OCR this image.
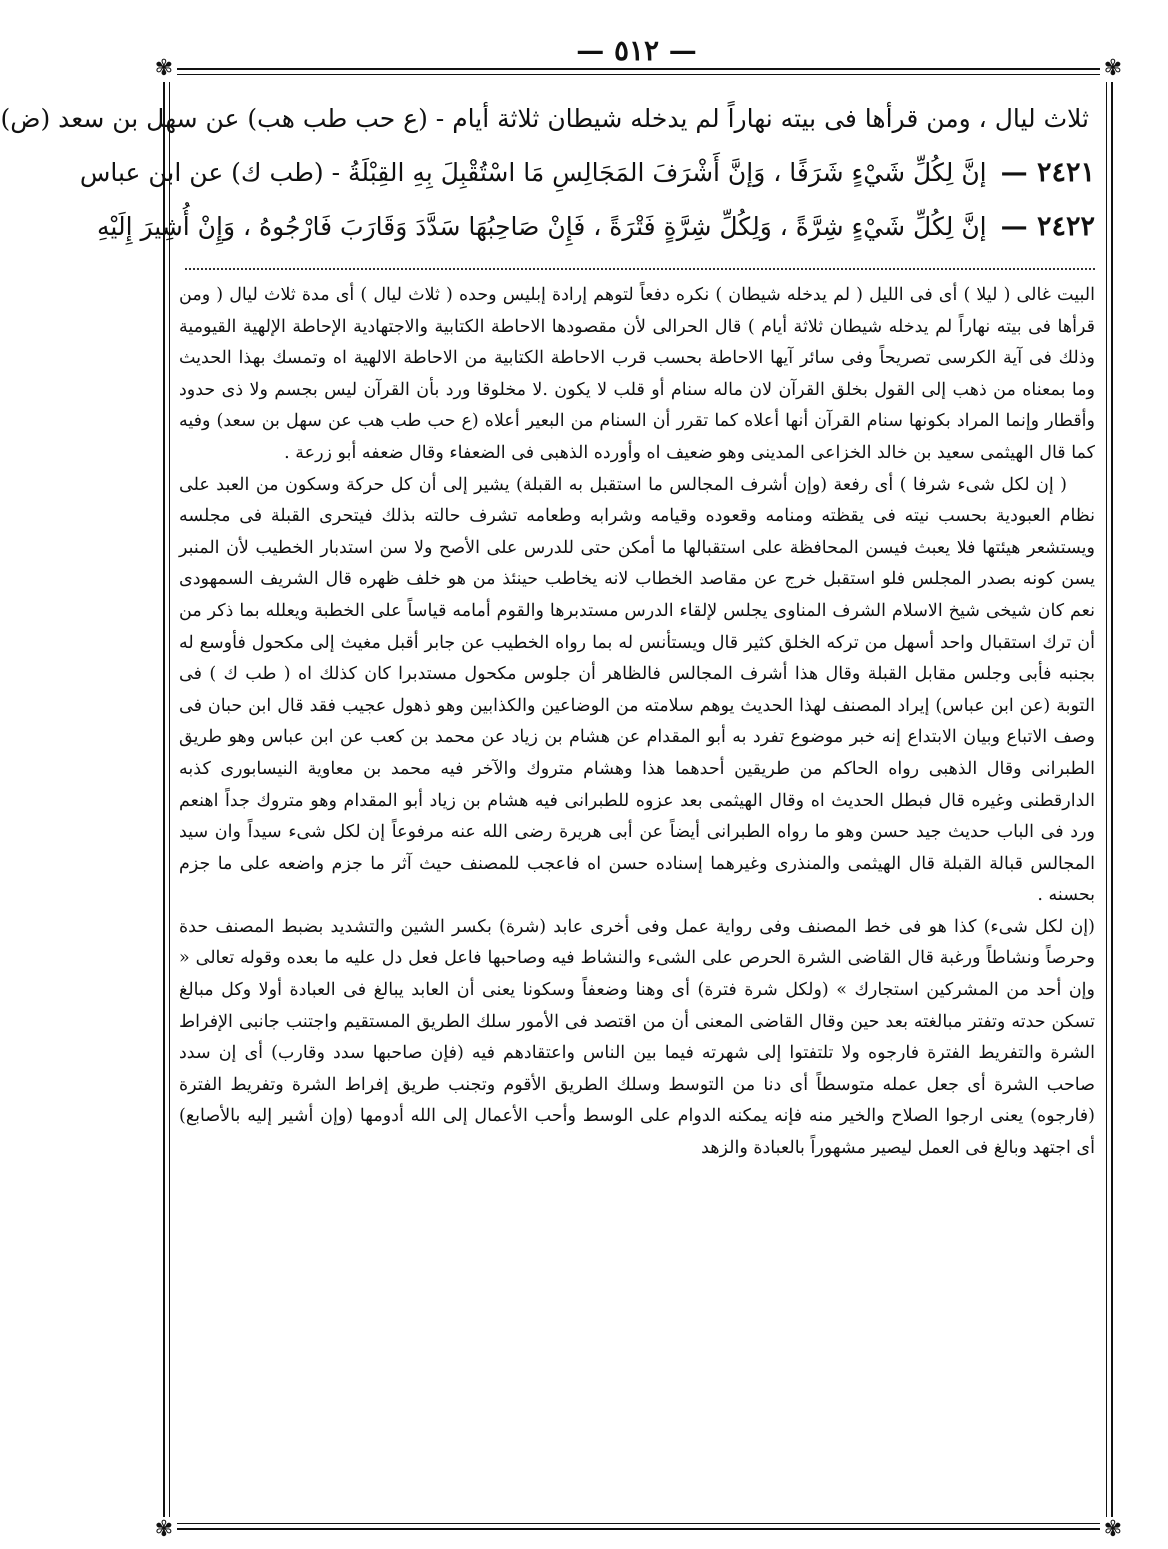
— ٥١٢ —
✾	✾
✾	✾
ثلاث ليال ، ومن قرأها فى بيته نهاراً لم يدخله شيطان ثلاثة أيام - (ع حب طب هب) عن سهل بن سعد (ض)
٢٤٢١ — إنَّ لِكُلِّ شَيْءٍ شَرَفًا ، وَإنَّ أَشْرَفَ المَجَالِسِ مَا اسْتُقْبِلَ بِهِ القِبْلَةُ - (طب ك) عن ابن عباس
٢٤٢٢ — إنَّ لِكُلِّ شَيْءٍ شِرَّةً ، وَلِكُلِّ شِرَّةٍ فَتْرَةً ، فَإِنْ صَاحِبُهَا سَدَّدَ وَقَارَبَ فَارْجُوهُ ، وَإِنْ أُشِيرَ إِلَيْهِ

البيت غالى ( ليلا ) أى فى الليل ( لم يدخله شيطان ) نكره دفعاً لتوهم إرادة إبليس وحده ( ثلاث ليال ) أى مدة ثلاث ليال ( ومن قرأها فى بيته نهاراً لم يدخله شيطان ثلاثة أيام ) قال الحرالى لأن مقصودها الاحاطة الكتابية والاجتهادية الإحاطة الإلهية القيومية وذلك فى آية الكرسى تصريحاً وفى سائر آيها الاحاطة بحسب قرب الاحاطة الكتابية من الاحاطة الالهية اه وتمسك بهذا الحديث وما بمعناه من ذهب إلى القول بخلق القرآن لان ماله سنام أو قلب لا يكون .لا مخلوقا ورد بأن القرآن ليس بجسم ولا ذى حدود وأقطار وإنما المراد بكونها سنام القرآن أنها أعلاه كما تقرر أن السنام من البعير أعلاه (ع حب طب هب عن سهل بن سعد) وفيه كما قال الهيثمى سعيد بن خالد الخزاعى المدينى وهو ضعيف اه وأورده الذهبى فى الضعفاء وقال ضعفه أبو زرعة .

( إن لكل شىء شرفا ) أى رفعة (وإن أشرف المجالس ما استقبل به القبلة) يشير إلى أن كل حركة وسكون من العبد على نظام العبودية بحسب نيته فى يقظته ومنامه وقعوده وقيامه وشرابه وطعامه تشرف حالته بذلك فيتحرى القبلة فى مجلسه ويستشعر هيئتها فلا يعبث فيسن المحافظة على استقبالها ما أمكن حتى للدرس على الأصح ولا سن استدبار الخطيب لأن المنبر يسن كونه بصدر المجلس فلو استقبل خرج عن مقاصد الخطاب لانه يخاطب حينئذ من هو خلف ظهره قال الشريف السمهودى نعم كان شيخى شيخ الاسلام الشرف المناوى يجلس لإلقاء الدرس مستدبرها والقوم أمامه قياساً على الخطبة ويعلله بما ذكر من أن ترك استقبال واحد أسهل من تركه الخلق كثير قال ويستأنس له بما رواه الخطيب عن جابر أقبل مغيث إلى مكحول فأوسع له بجنبه فأبى وجلس مقابل القبلة وقال هذا أشرف المجالس فالظاهر أن جلوس مكحول مستدبرا كان كذلك اه ( طب ك ) فى التوبة (عن ابن عباس) إيراد المصنف لهذا الحديث يوهم سلامته من الوضاعين والكذابين وهو ذهول عجيب فقد قال ابن حبان فى وصف الاتباع وبيان الابتداع إنه خبر موضوع تفرد به أبو المقدام عن هشام بن زياد عن محمد بن كعب عن ابن عباس وهو طريق الطبرانى وقال الذهبى رواه الحاكم من طريقين أحدهما هذا وهشام متروك والآخر فيه محمد بن معاوية النيسابورى كذبه الدارقطنى وغيره قال فبطل الحديث اه وقال الهيثمى بعد عزوه للطبرانى فيه هشام بن زياد أبو المقدام وهو متروك جداً اهنعم ورد فى الباب حديث جيد حسن وهو ما رواه الطبرانى أيضاً عن أبى هريرة رضى الله عنه مرفوعاً إن لكل شىء سيداً وان سيد المجالس قبالة القبلة قال الهيثمى والمنذرى وغيرهما إسناده حسن اه فاعجب للمصنف حيث آثر ما جزم واضعه على ما جزم بحسنه .

(إن لكل شىء) كذا هو فى خط المصنف وفى رواية عمل وفى أخرى عابد (شرة) بكسر الشين والتشديد بضبط المصنف حدة وحرصاً ونشاطاً ورغبة قال القاضى الشرة الحرص على الشىء والنشاط فيه وصاحبها فاعل فعل دل عليه ما بعده وقوله تعالى « وإن أحد من المشركين استجارك » (ولكل شرة فترة) أى وهنا وضعفاً وسكونا يعنى أن العابد يبالغ فى العبادة أولا وكل مبالغ تسكن حدته وتفتر مبالغته بعد حين وقال القاضى المعنى أن من اقتصد فى الأمور سلك الطريق المستقيم واجتنب جانبى الإفراط الشرة والتفريط الفترة فارجوه ولا تلتفتوا إلى شهرته فيما بين الناس واعتقادهم فيه (فإن صاحبها سدد وقارب) أى إن سدد صاحب الشرة أى جعل عمله متوسطاً أى دنا من التوسط وسلك الطريق الأقوم وتجنب طريق إفراط الشرة وتفريط الفترة (فارجوه) يعنى ارجوا الصلاح والخير منه فإنه يمكنه الدوام على الوسط وأحب الأعمال إلى الله أدومها (وإن أشير إليه بالأصابع) أى اجتهد وبالغ فى العمل ليصير مشهوراً بالعبادة والزهد
